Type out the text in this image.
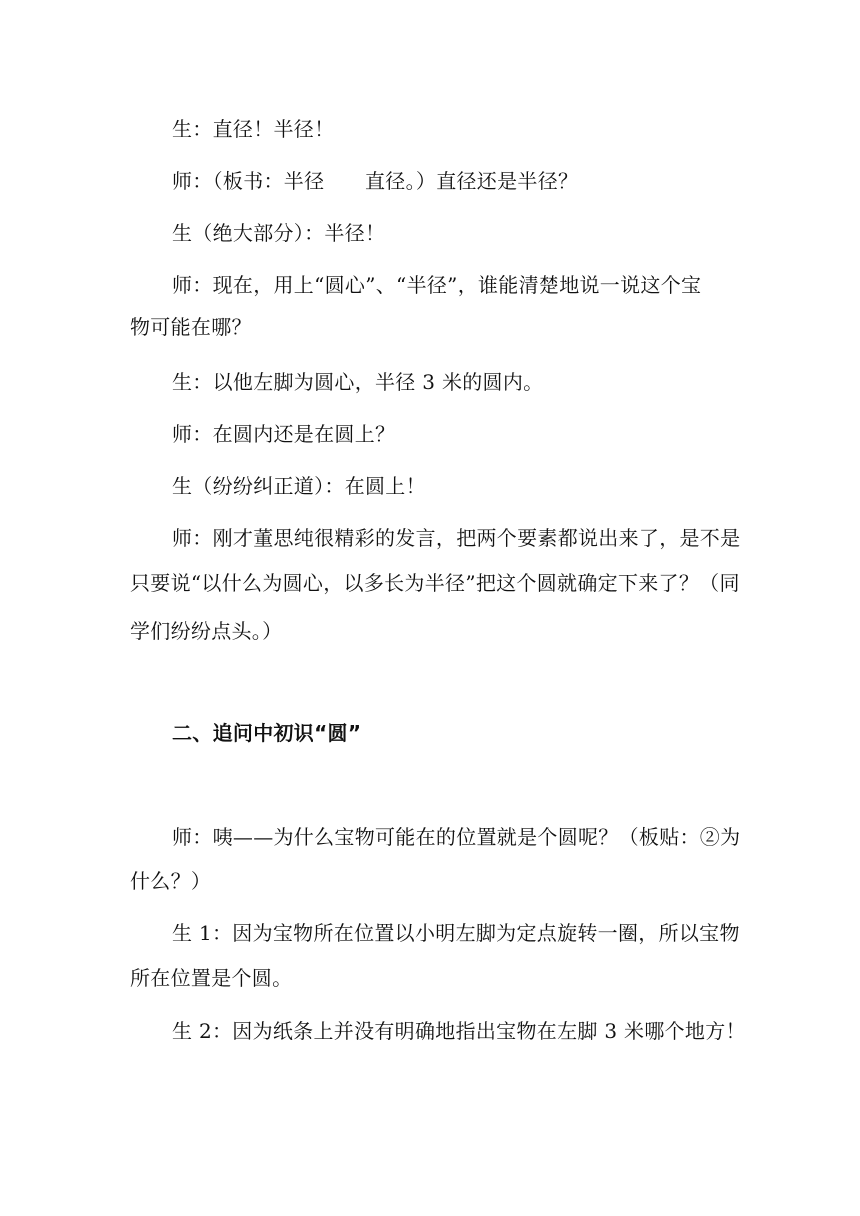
生：直径！半径！
师：（板书：半径　　直径。）直径还是半径？
生（绝大部分）：半径！
师：现在，用上“圆心”、“半径”，谁能清楚地说一说这个宝
物可能在哪？
生：以他左脚为圆心，半径 3 米的圆内。
师：在圆内还是在圆上？
生（纷纷纠正道）：在圆上！
师：刚才董思纯很精彩的发言，把两个要素都说出来了，是不是
只要说“以什么为圆心，以多长为半径”把这个圆就确定下来了？（同
学们纷纷点头。）
二、追问中初识“圆”
师：咦——为什么宝物可能在的位置就是个圆呢？（板贴：②为
什么？）
生 1：因为宝物所在位置以小明左脚为定点旋转一圈，所以宝物
所在位置是个圆。
生 2：因为纸条上并没有明确地指出宝物在左脚 3 米哪个地方！
